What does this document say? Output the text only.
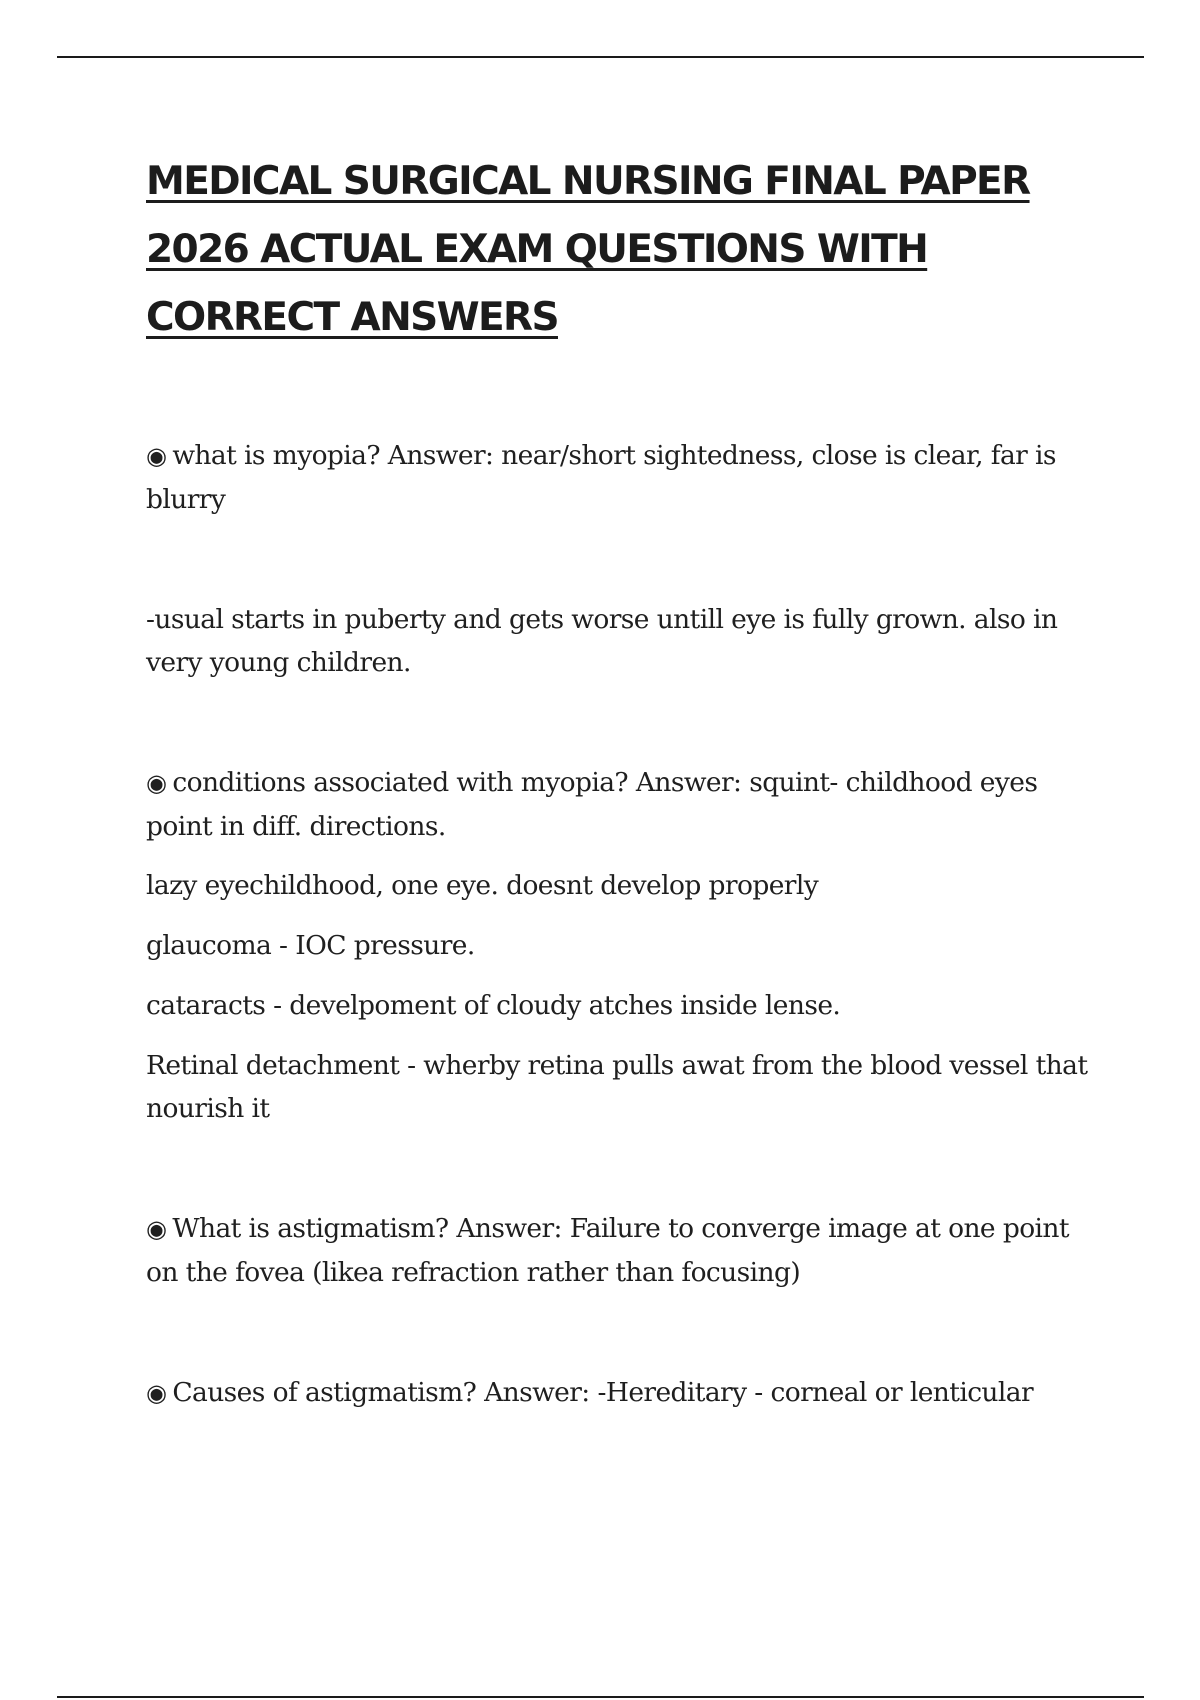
MEDICAL SURGICAL NURSING FINAL PAPER
2026 ACTUAL EXAM QUESTIONS WITH
CORRECT ANSWERS

◉ what is myopia? Answer: near/short sightedness, close is clear, far is blurry

-usual starts in puberty and gets worse untill eye is fully grown. also in very young children.

◉ conditions associated with myopia? Answer: squint- childhood eyes point in diff. directions.

lazy eyechildhood, one eye. doesnt develop properly

glaucoma - IOC pressure.

cataracts - develpoment of cloudy atches inside lense.

Retinal detachment - wherby retina pulls awat from the blood vessel that nourish it

◉ What is astigmatism? Answer: Failure to converge image at one point on the fovea (likea refraction rather than focusing)

◉ Causes of astigmatism? Answer: -Hereditary - corneal or lenticular
